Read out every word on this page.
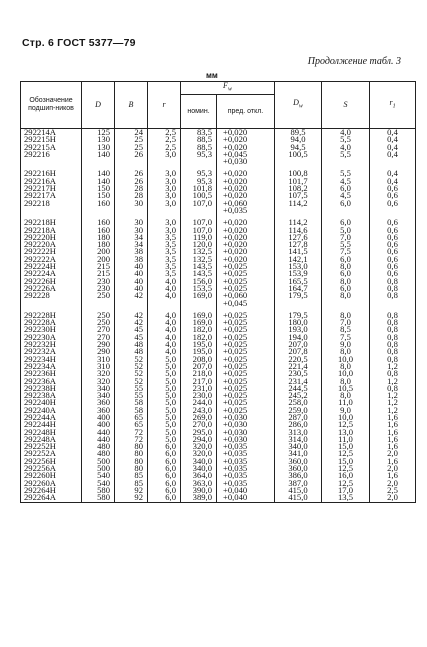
Стр. 6 ГОСТ 5377—79
Продолжение табл. 3
мм
Обозначение подшип-ников	D	B	r	$F_w$		$D_w$	S	$r_1$
				номин.	пред. откл.			
292214А	125	24	2,5	83,5	+0,020	89,5	4,0	0,4
292215Н	130	25	2,5	88,5	+0,020	94,0	5,5	0,4
292215А	130	25	2,5	88,5	+0,020	94,5	4,0	0,4
292216	140	26	3,0	95,3	+0,045	100,5	5,5	0,4
					+0,030			

292216Н	140	26	3,0	95,3	+0,020	100,8	5,5	0,4
292216А	140	26	3,0	95,3	+0,020	101,7	4,5	0,4
292217Н	150	28	3,0	101,8	+0,020	108,2	6,0	0,6
292217А	150	28	3,0	100,5	+0,020	107,5	4,5	0,6
292218	160	30	3,0	107,0	+0,060	114,2	6,0	0,6
					+0,035			

292218Н	160	30	3,0	107,0	+0,020	114,2	6,0	0,6
292218А	160	30	3,0	107,0	+0,020	114,6	5,0	0,6
292220Н	180	34	3,5	119,0	+0,020	127,6	7,0	0,6
292220А	180	34	3,5	120,0	+0,020	127,8	5,5	0,6
292222Н	200	38	3,5	132,5	+0,020	141,5	7,5	0,6
292222А	200	38	3,5	132,5	+0,020	142,1	6,0	0,6
292224Н	215	40	3,5	143,5	+0,025	153,0	8,0	0,6
292224А	215	40	3,5	143,5	+0,025	153,9	6,0	0,6
292226Н	230	40	4,0	156,0	+0,025	165,5	8,0	0,8
292226А	230	40	4,0	153,5	+0,025	164,7	6,0	0,8
292228	250	42	4,0	169,0	+0,060	179,5	8,0	0,8
					+0,045			

292228Н	250	42	4,0	169,0	+0,025	179,5	8,0	0,8
292228А	250	42	4,0	169,0	+0,025	180,0	7,0	0,8
292230Н	270	45	4,0	182,0	+0,025	193,0	8,5	0,8
292230А	270	45	4,0	182,0	+0,025	194,0	7,5	0,8
292232Н	290	48	4,0	195,0	+0,025	207,0	9,0	0,8
292232А	290	48	4,0	195,0	+0,025	207,8	8,0	0,8
292234Н	310	52	5,0	208,0	+0,025	220,5	10,0	0,8
292234А	310	52	5,0	207,0	+0,025	221,4	8,0	1,2
292236Н	320	52	5,0	218,0	+0,025	230,5	10,0	0,8
292236А	320	52	5,0	217,0	+0,025	231,4	8,0	1,2
292238Н	340	55	5,0	231,0	+0,025	244,5	10,5	0,8
292238А	340	55	5,0	230,0	+0,025	245,2	8,0	1,2
292240Н	360	58	5,0	244,0	+0,025	258,0	11,0	1,2
292240А	360	58	5,0	243,0	+0,025	259,0	9,0	1,2
292244А	400	65	5,0	269,0	+0,030	287,0	10,0	1,6
292244Н	400	65	5,0	270,0	+0,030	286,0	12,5	1,6
292248Н	440	72	5,0	295,0	+0,030	313,0	13,0	1,6
292248А	440	72	5,0	294,0	+0,030	314,0	11,0	1,6
292252Н	480	80	6,0	320,0	+0,035	340,0	15,0	1,6
292252А	480	80	6,0	320,0	+0,035	341,0	12,5	2,0
292256Н	500	80	6,0	340,0	+0,035	360,0	15,0	1,6
292256А	500	80	6,0	340,0	+0,035	360,0	12,5	2,0
292260Н	540	85	6,0	364,0	+0,035	386,0	16,0	1,6
292260А	540	85	6,0	363,0	+0,035	387,0	12,5	2,0
292264Н	580	92	6,0	390,0	+0,040	415,0	17,0	2,5
292264А	580	92	6,0	389,0	+0,040	415,0	13,5	2,0
